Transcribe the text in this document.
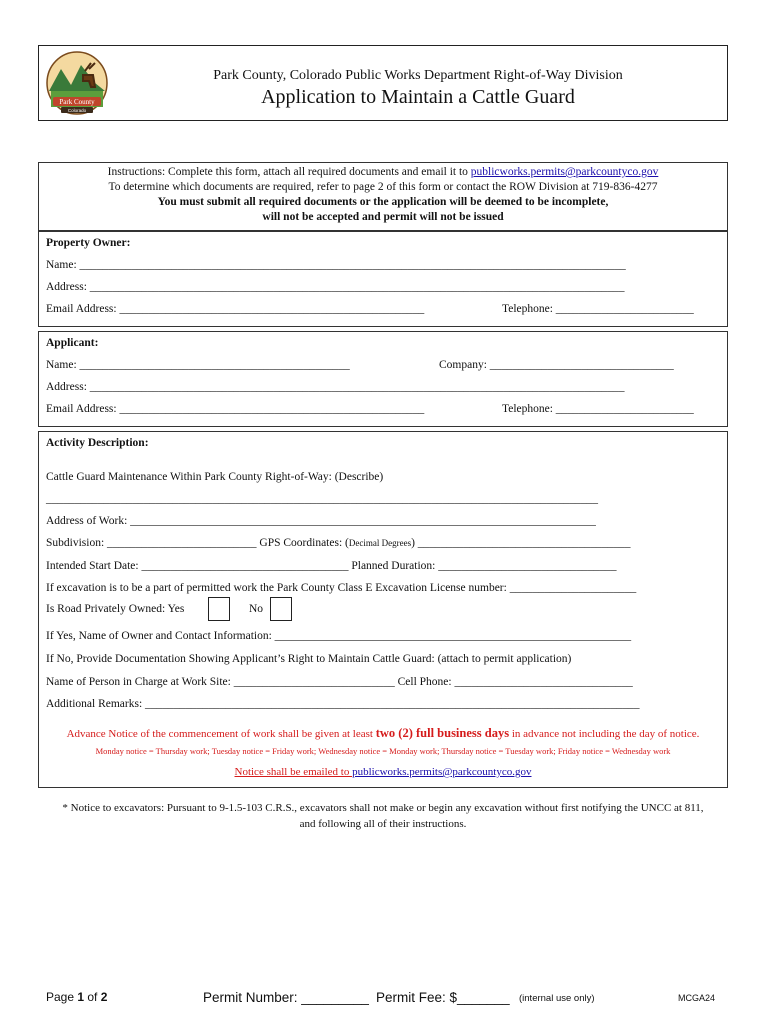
Park County
Colorado
Park County, Colorado Public Works Department Right-of-Way Division
Application to Maintain a Cattle Guard
Instructions: Complete this form, attach all required documents and email it to publicworks.permits@parkcountyco.gov
To determine which documents are required, refer to page 2 of this form or contact the ROW Division at 719-836-4277
You must submit all required documents or the application will be deemed to be incomplete,
will not be accepted and permit will not be issued
Property Owner:
Name: _______________________________________________________________________________________________
Address: _____________________________________________________________________________________________
Email Address: _____________________________________________________	Telephone: ________________________
Applicant:
Name: _______________________________________________	Company: ________________________________
Address: _____________________________________________________________________________________________
Email Address: _____________________________________________________	Telephone: ________________________
Activity Description:
Cattle Guard Maintenance Within Park County Right-of-Way: (Describe)
________________________________________________________________________________________________
Address of Work: _________________________________________________________________________________
Subdivision: __________________________ GPS Coordinates: (Decimal Degrees) _____________________________________
Intended Start Date: ____________________________________ Planned Duration: _______________________________
If excavation is to be a part of permitted work the Park County Class E Excavation License number: ______________________
Is Road Privately Owned: Yes	No
If Yes, Name of Owner and Contact Information: ______________________________________________________________
If No, Provide Documentation Showing Applicant’s Right to Maintain Cattle Guard: (attach to permit application)
Name of Person in Charge at Work Site: ____________________________ Cell Phone: _______________________________
Additional Remarks: ______________________________________________________________________________________
Advance Notice of the commencement of work shall be given at least two (2) full business days in advance not including the day of notice.
Monday notice = Thursday work; Tuesday notice = Friday work; Wednesday notice = Monday work; Thursday notice = Tuesday work; Friday notice = Wednesday work
Notice shall be emailed to publicworks.permits@parkcountyco.gov
* Notice to excavators: Pursuant to 9-1.5-103 C.R.S., excavators shall not make or begin any excavation without first notifying the UNCC at 811,
and following all of their instructions.
Page 1 of 2	Permit Number: _________ Permit Fee: $_______ (internal use only)	MCGA24
